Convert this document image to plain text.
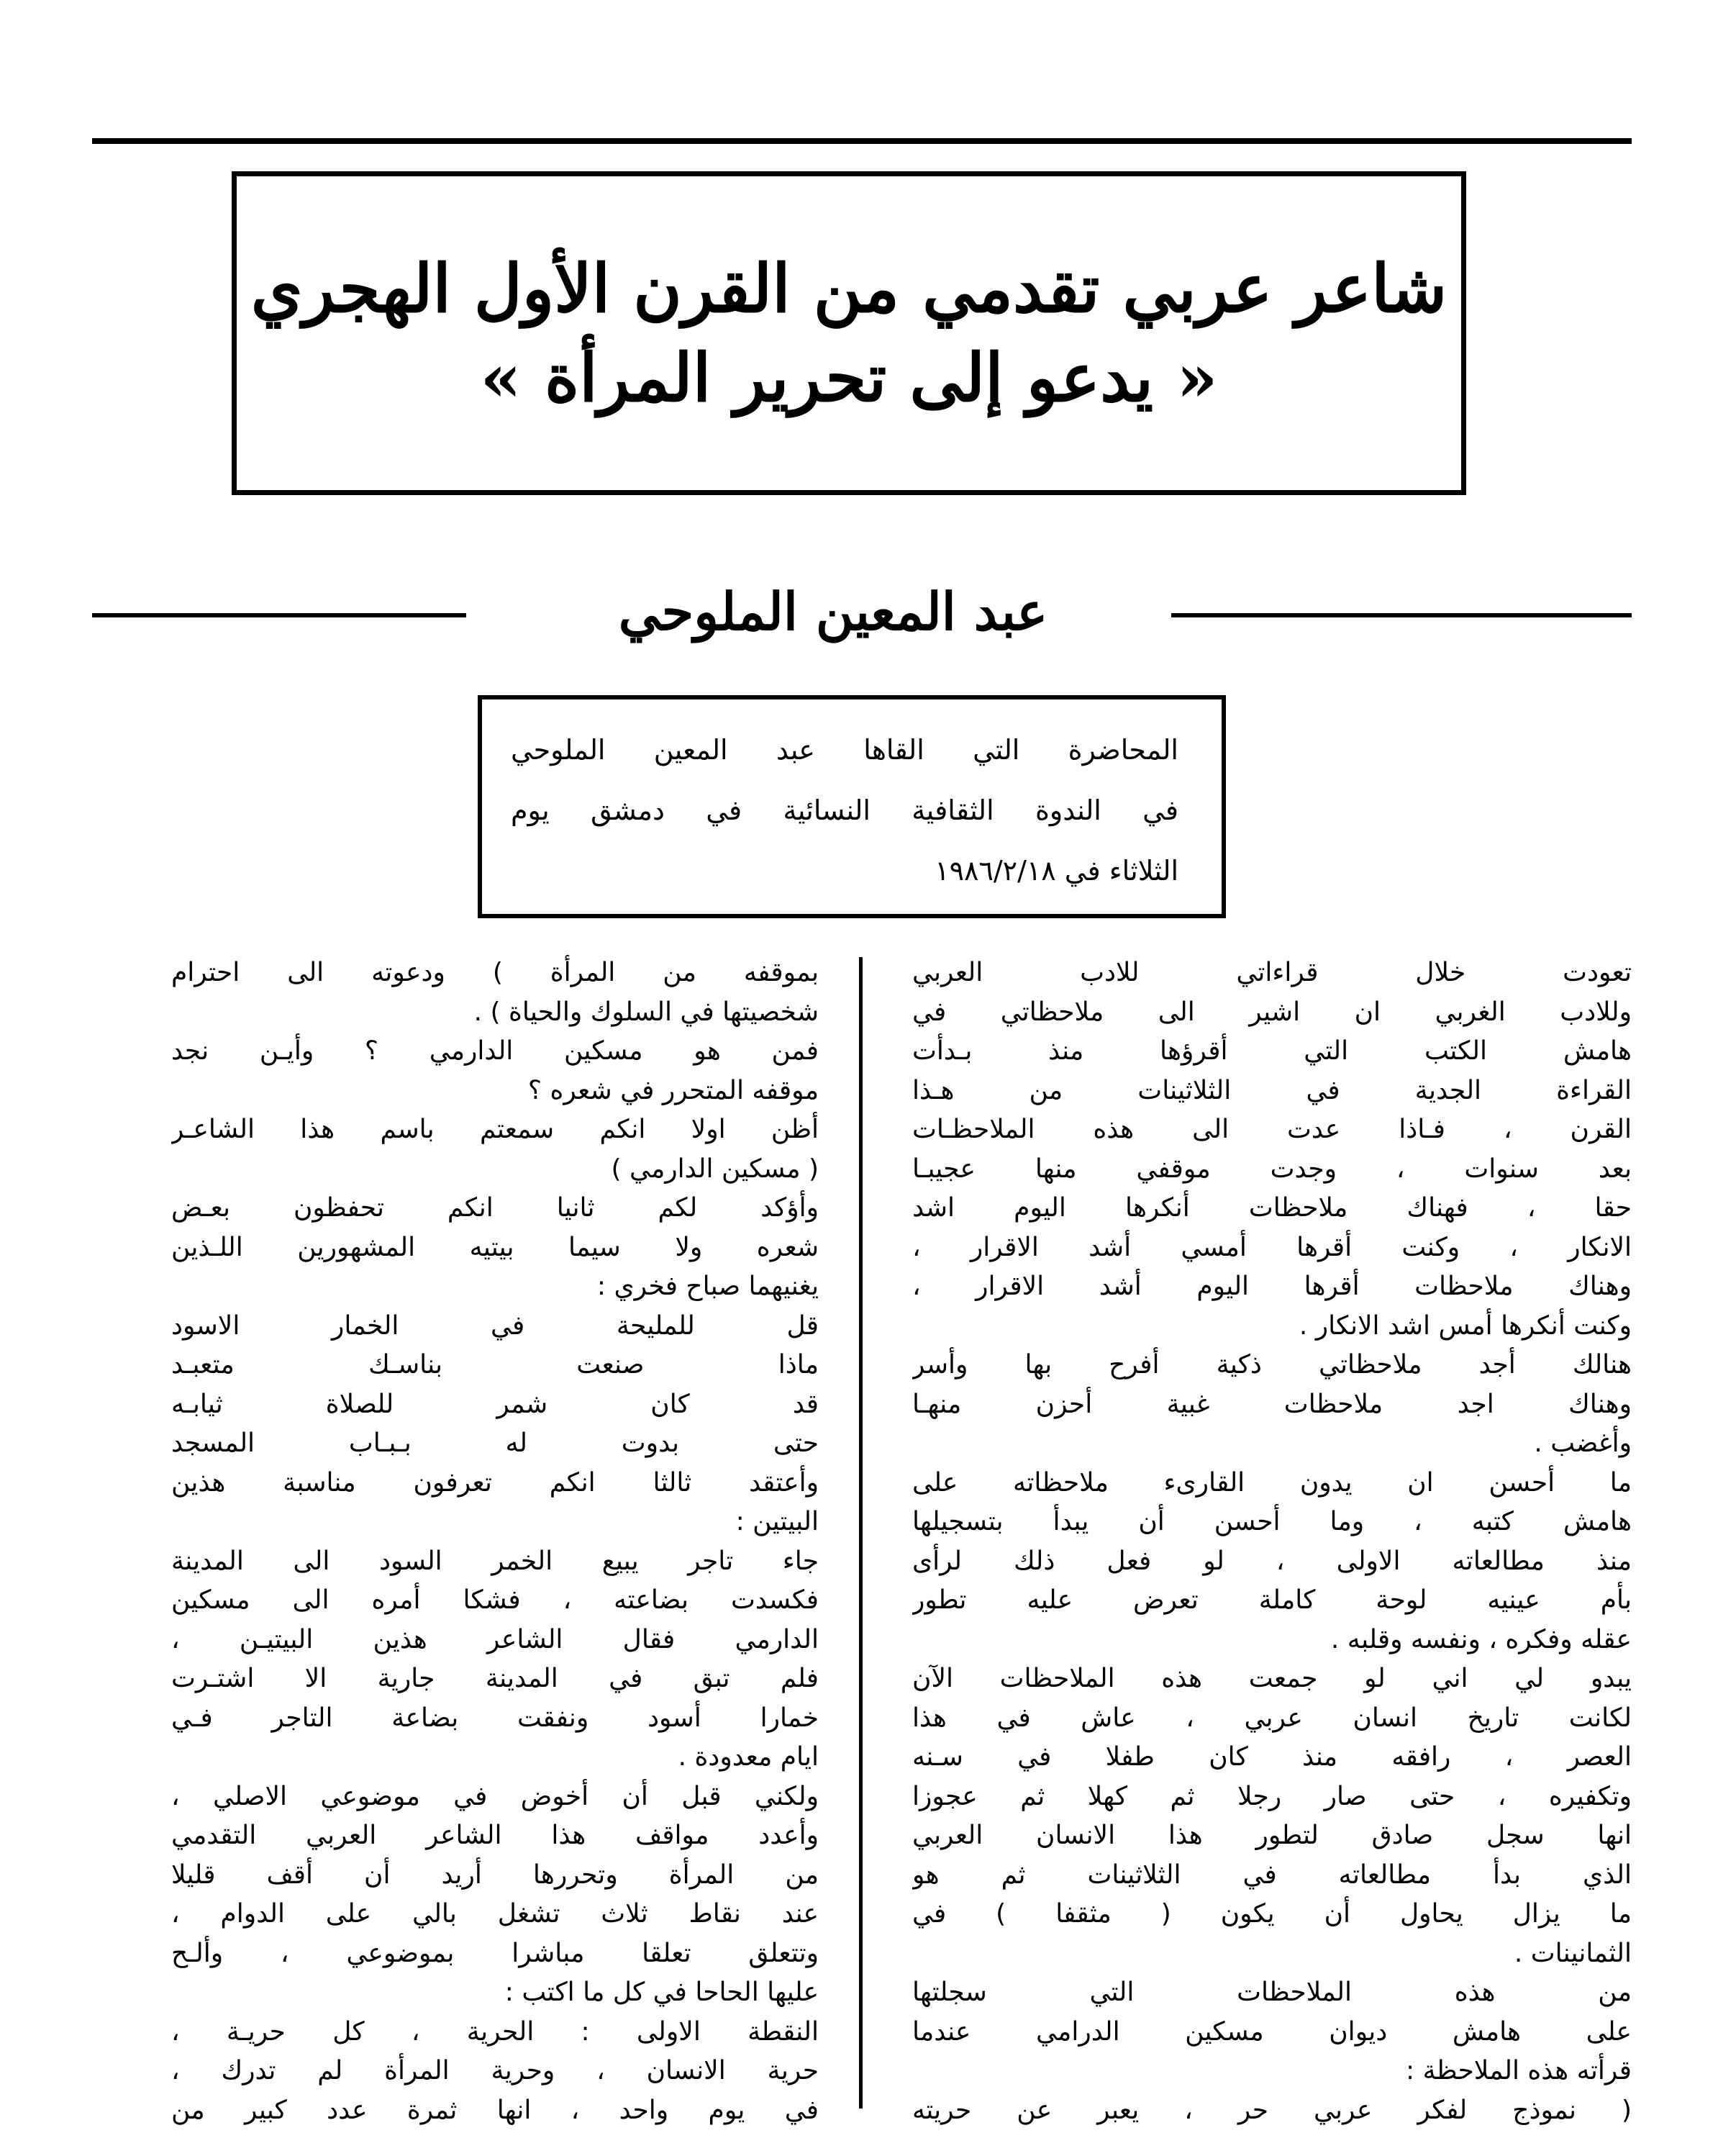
شاعر عربي تقدمي من القرن الأول الهجري
« يدعو إلى تحرير المرأة »
عبد المعين الملوحي
المحاضرة التي القاها عبد المعين الملوحي
في الندوة الثقافية النسائية في دمشق يوم
الثلاثاء في ١٩٨٦/٢/١٨
تعودت خلال قراءاتي للادب العربي
وللادب الغربي ان اشير الى ملاحظاتي في
هامش الكتب التي أقرؤها منذ بـدأت
القراءة الجدية في الثلاثينات من هـذا
القرن ، فـاذا عدت الى هذه الملاحظـات
بعد سنوات ، وجدت موقفي منها عجيبـا
حقا ، فهناك ملاحظات أنكرها اليوم اشد
الانكار ، وكنت أقرها أمسي أشد الاقرار ،
وهناك ملاحظات أقرها اليوم أشد الاقرار ،
وكنت أنكرها أمس اشد الانكار .
هنالك أجد ملاحظاتي ذكية أفرح بها وأسر
وهناك اجد ملاحظات غبية أحزن منهـا
وأغضب .
ما أحسن ان يدون القارىء ملاحظاته على
هامش كتبه ، وما أحسن أن يبدأ بتسجيلها
منذ مطالعاته الاولى ، لو فعل ذلك لرأى
بأم عينيه لوحة كاملة تعرض عليه تطور
عقله وفكره ، ونفسه وقلبه .
يبدو لي اني لو جمعت هذه الملاحظات الآن
لكانت تاريخ انسان عربي ، عاش في هذا
العصر ، رافقه منذ كان طفلا في سـنه
وتكفيره ، حتى صار رجلا ثم كهلا ثم عجوزا
انها سجل صادق لتطور هذا الانسان العربي
الذي بدأ مطالعاته في الثلاثينات ثم هو
ما يزال يحاول أن يكون ( مثقفا ) في
الثمانينات .
من هذه الملاحظات التي سجلتها
على هامش ديوان مسكين الدرامي عندما
قرأته هذه الملاحظة :
( نموذج لفكر عربي حر ، يعبر عن حريته
بموقفه من المرأة ) ودعوته الى احترام
شخصيتها في السلوك والحياة ) .
فمن هو مسكين الدارمي ؟ وأيـن نجد
موقفه المتحرر في شعره ؟
أظن اولا انكم سمعتم باسم هذا الشاعـر
( مسكين الدارمي )
وأؤكد لكم ثانيا انكم تحفظون بعـض
شعره ولا سيما بيتيه المشهورين اللـذين
يغنيهما صباح فخري :
قل للمليحة في الخمار الاسود
ماذا صنعت بناسـك متعبـد
قد كان شمر للصلاة ثيابـه
حتى بدوت له بـبـاب المسجد
وأعتقد ثالثا انكم تعرفون مناسبة هذين
البيتين :
جاء تاجر يبيع الخمر السود الى المدينة
فكسدت بضاعته ، فشكا أمره الى مسكين
الدارمي فقال الشاعر هذين البيتيـن ،
فلم تبق في المدينة جارية الا اشتـرت
خمارا أسود ونفقت بضاعة التاجر فـي
ايام معدودة .
ولكني قبل أن أخوض في موضوعي الاصلي ،
وأعدد مواقف هذا الشاعر العربي التقدمي
من المرأة وتحررها أريد أن أقف قليلا
عند نقاط ثلاث تشغل بالي على الدوام ،
وتتعلق تعلقا مباشرا بموضوعي ، وألـح
عليها الحاحا في كل ما اكتب :
النقطة الاولى : الحرية ، كل حريـة ،
حرية الانسان ، وحرية المرأة لم تدرك ،
في يوم واحد ، انها ثمرة عدد كبير من
